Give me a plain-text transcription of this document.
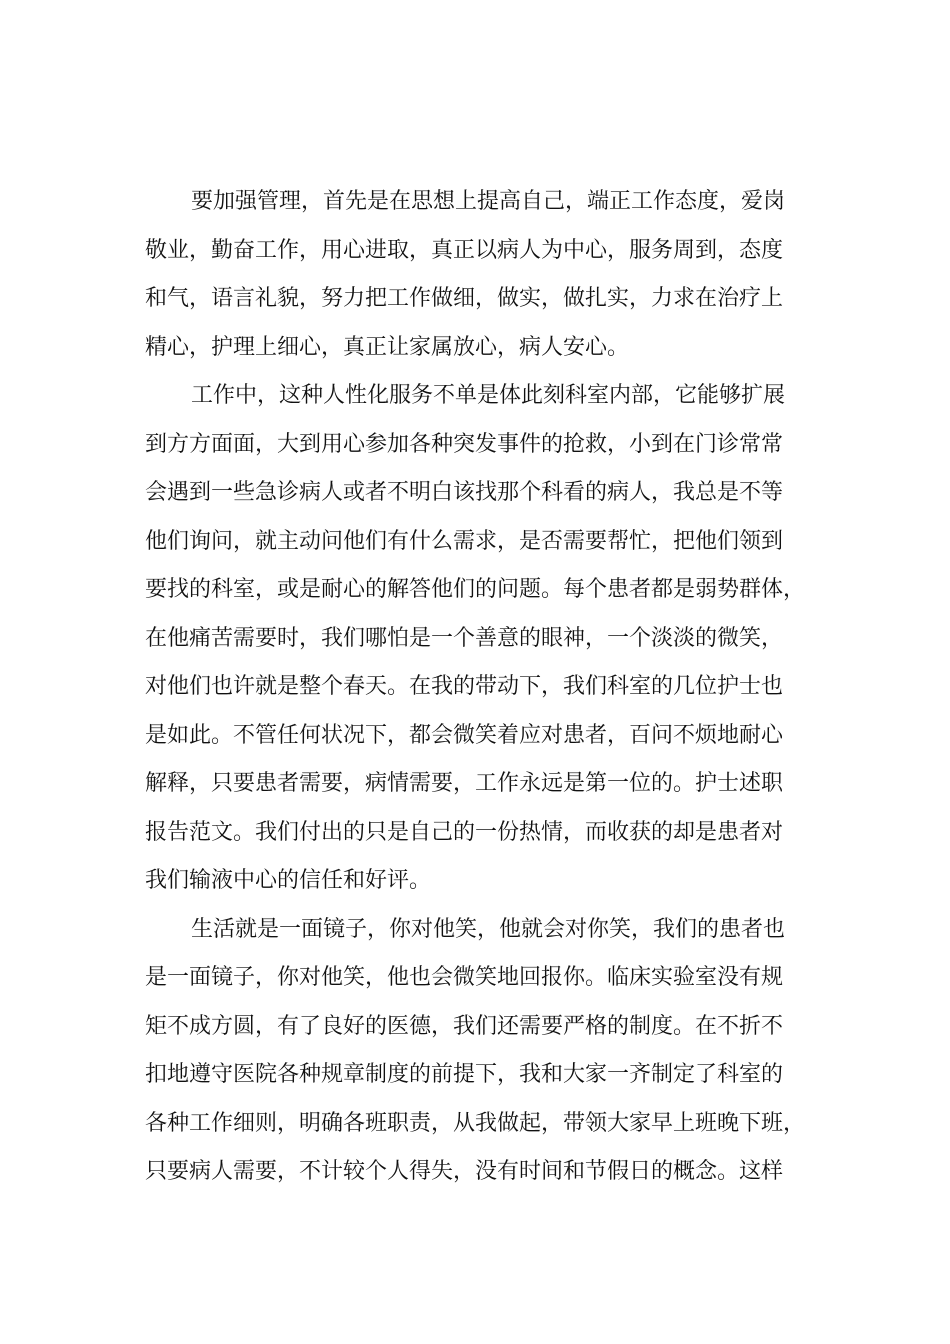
要加强管理，首先是在思想上提高自己，端正工作态度，爱岗
敬业，勤奋工作，用心进取，真正以病人为中心，服务周到，态度
和气，语言礼貌，努力把工作做细，做实，做扎实，力求在治疗上
精心，护理上细心，真正让家属放心，病人安心。
工作中，这种人性化服务不单是体此刻科室内部，它能够扩展
到方方面面，大到用心参加各种突发事件的抢救，小到在门诊常常
会遇到一些急诊病人或者不明白该找那个科看的病人，我总是不等
他们询问，就主动问他们有什么需求，是否需要帮忙，把他们领到
要找的科室，或是耐心的解答他们的问题。每个患者都是弱势群体，
在他痛苦需要时，我们哪怕是一个善意的眼神，一个淡淡的微笑，
对他们也许就是整个春天。在我的带动下，我们科室的几位护士也
是如此。不管任何状况下，都会微笑着应对患者，百问不烦地耐心
解释，只要患者需要，病情需要，工作永远是第一位的。护士述职
报告范文。我们付出的只是自己的一份热情，而收获的却是患者对
我们输液中心的信任和好评。
生活就是一面镜子，你对他笑，他就会对你笑，我们的患者也
是一面镜子，你对他笑，他也会微笑地回报你。临床实验室没有规
矩不成方圆，有了良好的医德，我们还需要严格的制度。在不折不
扣地遵守医院各种规章制度的前提下，我和大家一齐制定了科室的
各种工作细则，明确各班职责，从我做起，带领大家早上班晚下班，
只要病人需要，不计较个人得失，没有时间和节假日的概念。这样
